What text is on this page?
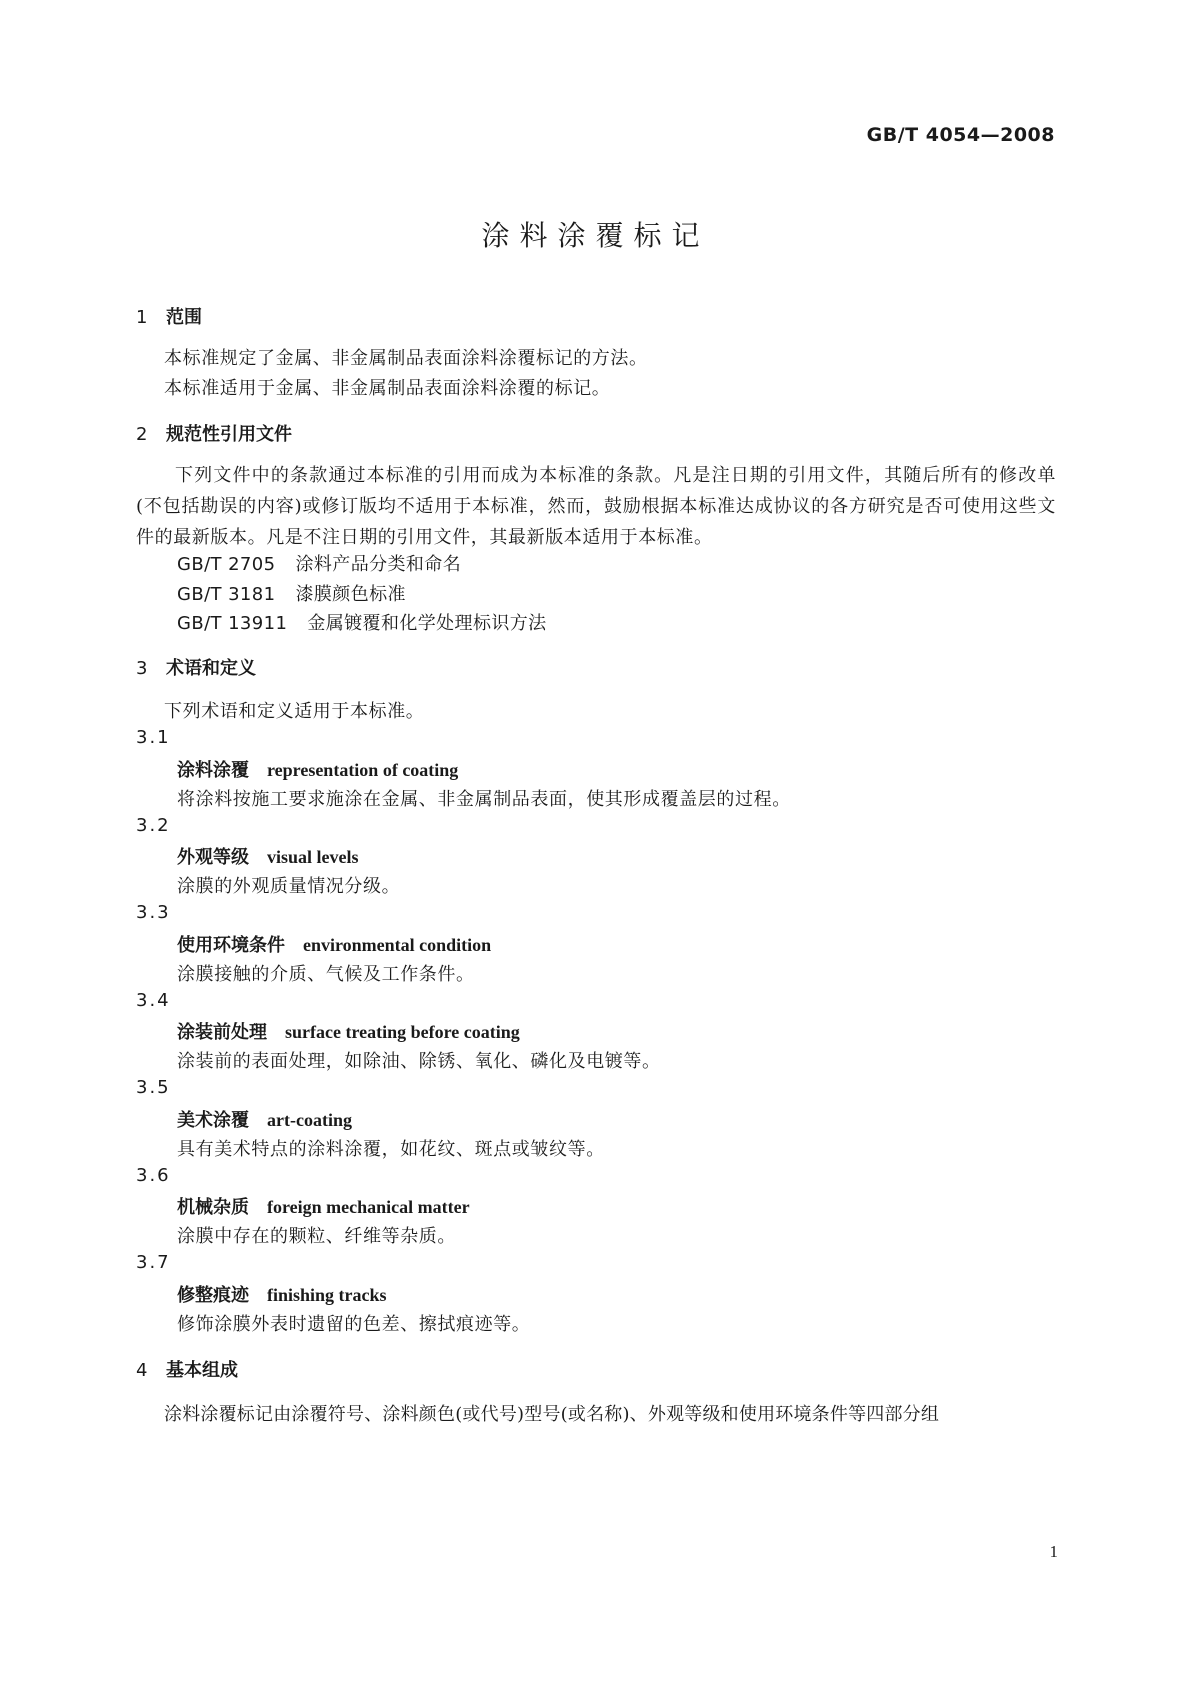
GB/T 4054—2008
涂料涂覆标记
1 范围
本标准规定了金属、非金属制品表面涂料涂覆标记的方法。
本标准适用于金属、非金属制品表面涂料涂覆的标记。
2 规范性引用文件
下列文件中的条款通过本标准的引用而成为本标准的条款。凡是注日期的引用文件，其随后所有的修改单(不包括勘误的内容)或修订版均不适用于本标准，然而，鼓励根据本标准达成协议的各方研究是否可使用这些文件的最新版本。凡是不注日期的引用文件，其最新版本适用于本标准。
GB/T 2705 涂料产品分类和命名
GB/T 3181 漆膜颜色标准
GB/T 13911 金属镀覆和化学处理标识方法
3 术语和定义
下列术语和定义适用于本标准。
3.1
涂料涂覆 representation of coating
将涂料按施工要求施涂在金属、非金属制品表面，使其形成覆盖层的过程。
3.2
外观等级 visual levels
涂膜的外观质量情况分级。
3.3
使用环境条件 environmental condition
涂膜接触的介质、气候及工作条件。
3.4
涂装前处理 surface treating before coating
涂装前的表面处理，如除油、除锈、氧化、磷化及电镀等。
3.5
美术涂覆 art-coating
具有美术特点的涂料涂覆，如花纹、斑点或皱纹等。
3.6
机械杂质 foreign mechanical matter
涂膜中存在的颗粒、纤维等杂质。
3.7
修整痕迹 finishing tracks
修饰涂膜外表时遗留的色差、擦拭痕迹等。
4 基本组成
涂料涂覆标记由涂覆符号、涂料颜色(或代号)型号(或名称)、外观等级和使用环境条件等四部分组
1
